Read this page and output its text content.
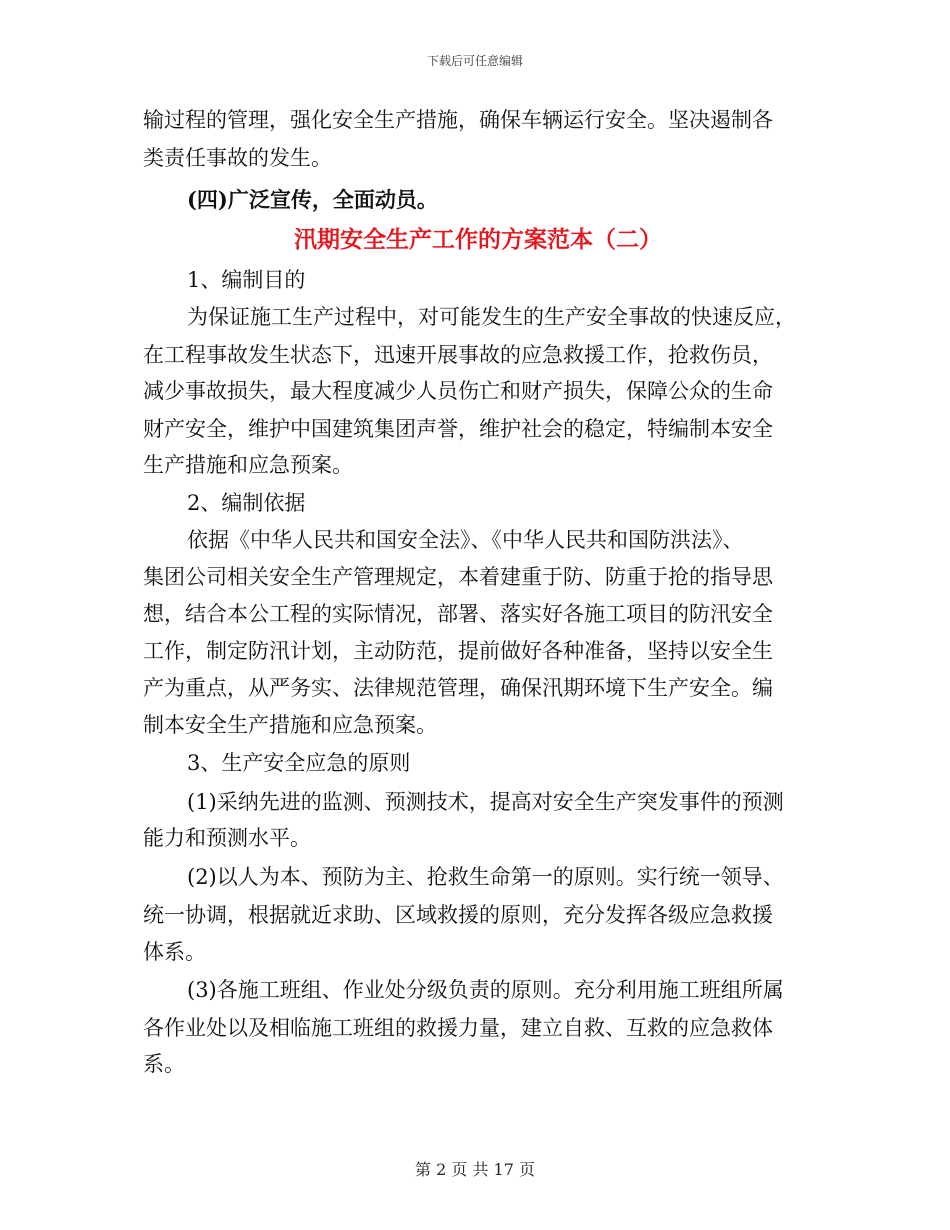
下载后可任意编辑
输过程的管理，强化安全生产措施，确保车辆运行安全。坚决遏制各
类责任事故的发生。
(四)广泛宣传，全面动员。
汛期安全生产工作的方案范本（二）
1、编制目的
为保证施工生产过程中，对可能发生的生产安全事故的快速反应，
在工程事故发生状态下，迅速开展事故的应急救援工作，抢救伤员，
减少事故损失，最大程度减少人员伤亡和财产损失，保障公众的生命
财产安全，维护中国建筑集团声誉，维护社会的稳定，特编制本安全
生产措施和应急预案。
2、编制依据
依据《中华人民共和国安全法》、《中华人民共和国防洪法》、
集团公司相关安全生产管理规定，本着建重于防、防重于抢的指导思
想，结合本公工程的实际情况，部署、落实好各施工项目的防汛安全
工作，制定防汛计划，主动防范，提前做好各种准备，坚持以安全生
产为重点，从严务实、法律规范管理，确保汛期环境下生产安全。编
制本安全生产措施和应急预案。
3、生产安全应急的原则
(1)采纳先进的监测、预测技术，提高对安全生产突发事件的预测
能力和预测水平。
(2)以人为本、预防为主、抢救生命第一的原则。实行统一领导、
统一协调，根据就近求助、区域救援的原则，充分发挥各级应急救援
体系。
(3)各施工班组、作业处分级负责的原则。充分利用施工班组所属
各作业处以及相临施工班组的救援力量，建立自救、互救的应急救体
系。
第 2 页 共 17 页
